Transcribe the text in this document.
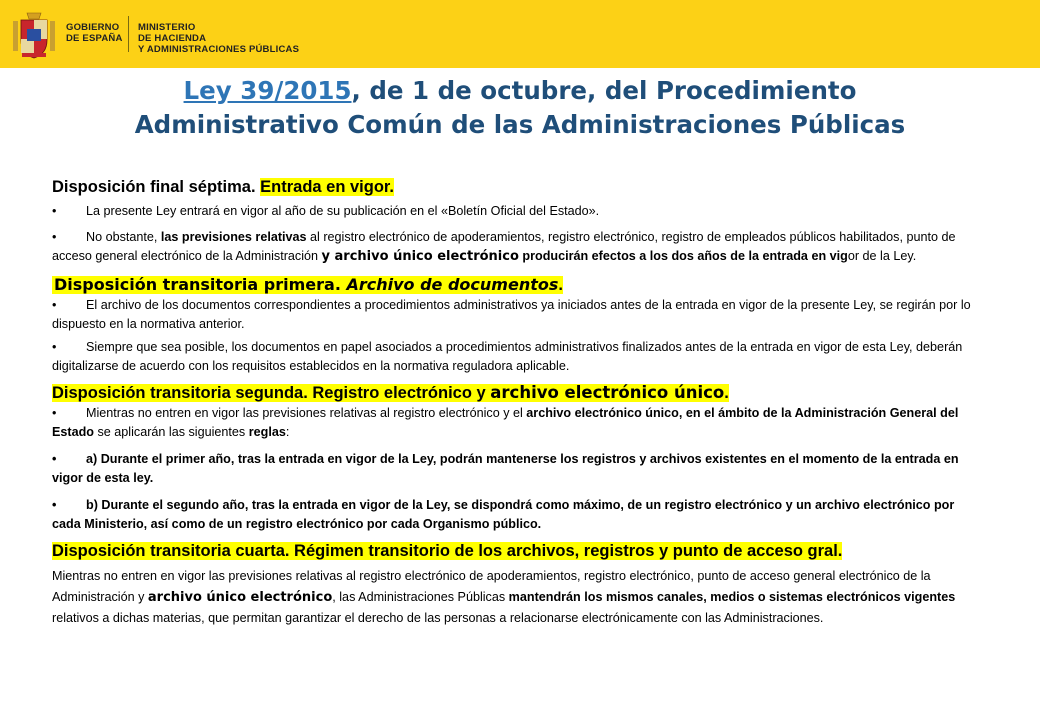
GOBIERNO
DE ESPAÑA
MINISTERIO
DE HACIENDA
Y ADMINISTRACIONES PÚBLICAS
Ley 39/2015, de 1 de octubre, del Procedimiento
Administrativo Común de las Administraciones Públicas
Disposición final séptima. Entrada en vigor.

• La presente Ley entrará en vigor al año de su publicación en el «Boletín Oficial del Estado».

• No obstante, las previsiones relativas al registro electrónico de apoderamientos, registro electrónico, registro de empleados públicos habilitados, punto de acceso general electrónico de la Administración y archivo único electrónico producirán efectos a los dos años de la entrada en vigor de la Ley.

Disposición transitoria primera. Archivo de documentos.

• El archivo de los documentos correspondientes a procedimientos administrativos ya iniciados antes de la entrada en vigor de la presente Ley, se regirán por lo dispuesto en la normativa anterior.

• Siempre que sea posible, los documentos en papel asociados a procedimientos administrativos finalizados antes de la entrada en vigor de esta Ley, deberán digitalizarse de acuerdo con los requisitos establecidos en la normativa reguladora aplicable.

Disposición transitoria segunda. Registro electrónico y archivo electrónico único.

• Mientras no entren en vigor las previsiones relativas al registro electrónico y el archivo electrónico único, en el ámbito de la Administración General del Estado se aplicarán las siguientes reglas:

• a) Durante el primer año, tras la entrada en vigor de la Ley, podrán mantenerse los registros y archivos existentes en el momento de la entrada en vigor de esta ley.

• b) Durante el segundo año, tras la entrada en vigor de la Ley, se dispondrá como máximo, de un registro electrónico y un archivo electrónico por cada Ministerio, así como de un registro electrónico por cada Organismo público.

Disposición transitoria cuarta. Régimen transitorio de los archivos, registros y punto de acceso gral.

Mientras no entren en vigor las previsiones relativas al registro electrónico de apoderamientos, registro electrónico, punto de acceso general electrónico de la Administración y archivo único electrónico, las Administraciones Públicas mantendrán los mismos canales, medios o sistemas electrónicos vigentes relativos a dichas materias, que permitan garantizar el derecho de las personas a relacionarse electrónicamente con las Administraciones.
